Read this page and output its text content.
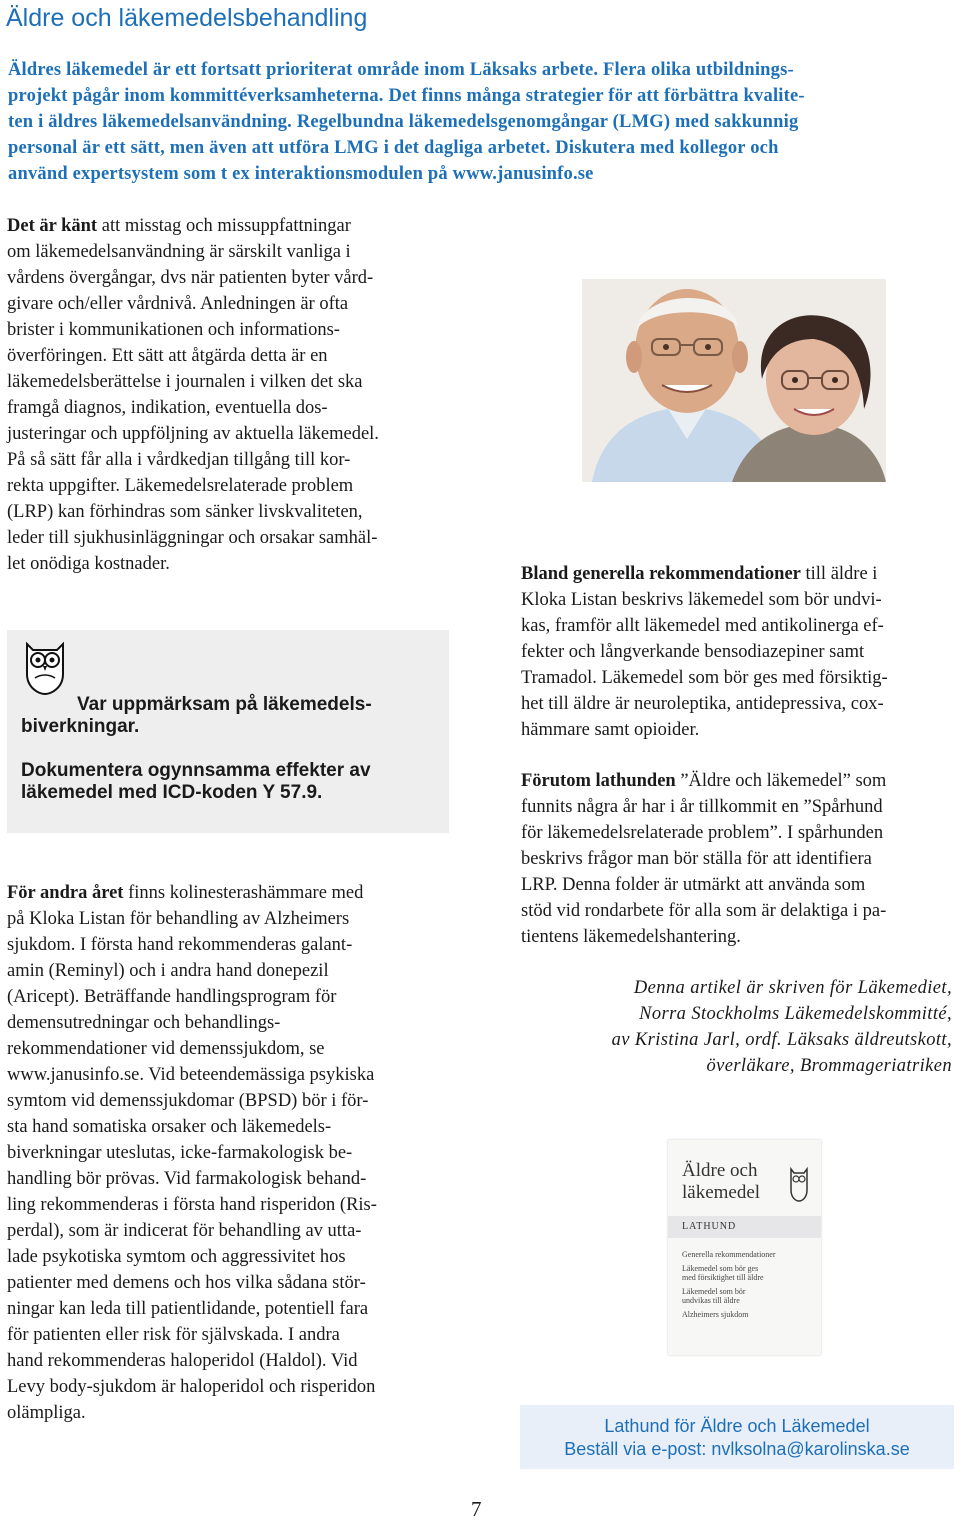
Äldre och läkemedelsbehandling

Äldres läkemedel är ett fortsatt prioriterat område inom Läksaks arbete. Flera olika utbildnings-

projekt pågår inom kommittéverksamheterna. Det finns många strategier för att förbättra kvalite-

ten i äldres läkemedelsanvändning. Regelbundna läkemedelsgenomgångar (LMG) med sakkunnig

personal är ett sätt, men även att utföra LMG i det dagliga arbetet. Diskutera med kollegor och

använd expertsystem som t ex interaktionsmodulen på www.janusinfo.se

Det är känt att misstag och missuppfattningar

om läkemedelsanvändning är särskilt vanliga i

vårdens övergångar, dvs när patienten byter vård-

givare och/eller vårdnivå. Anledningen är ofta

brister i kommunikationen och informations-

överföringen. Ett sätt att åtgärda detta är en

läkemedelsberättelse i journalen i vilken det ska

framgå diagnos, indikation, eventuella dos-

justeringar och uppföljning av aktuella läkemedel.

På så sätt får alla i vårdkedjan tillgång till kor-

rekta uppgifter. Läkemedelsrelaterade problem

(LRP) kan förhindras som sänker livskvaliteten,

leder till sjukhusinläggningar och orsakar samhäl-

let onödiga kostnader.

Var uppmärksam på läkemedels-
biverkningar.
Dokumentera ogynnsamma effekter av
läkemedel med ICD-koden Y 57.9.

För andra året finns kolinesterashämmare med

på Kloka Listan för behandling av Alzheimers

sjukdom. I första hand rekommenderas galant-

amin (Reminyl) och i andra hand donepezil

(Aricept). Beträffande handlingsprogram för

demensutredningar och behandlings-

rekommendationer vid demenssjukdom, se

www.janusinfo.se. Vid beteendemässiga psykiska

symtom vid demenssjukdomar (BPSD) bör i för-

sta hand somatiska orsaker och läkemedels-

biverkningar uteslutas, icke-farmakologisk be-

handling bör prövas. Vid farmakologisk behand-

ling rekommenderas i första hand risperidon (Ris-

perdal), som är indicerat för behandling av utta-

lade psykotiska symtom och aggressivitet hos

patienter med demens och hos vilka sådana stör-

ningar kan leda till patientlidande, potentiell fara

för patienten eller risk för självskada. I andra

hand rekommenderas haloperidol (Haldol). Vid

Levy body-sjukdom är haloperidol och risperidon

olämpliga.

Bland generella rekommendationer till äldre i

Kloka Listan beskrivs läkemedel som bör undvi-

kas, framför allt läkemedel med antikolinerga ef-

fekter och långverkande bensodiazepiner samt

Tramadol. Läkemedel som bör ges med försiktig-

het till äldre är neuroleptika, antidepressiva, cox-

hämmare samt opioider.

Förutom lathunden ”Äldre och läkemedel” som

funnits några år har i år tillkommit en ”Spårhund

för läkemedelsrelaterade problem”. I spårhunden

beskrivs frågor man bör ställa för att identifiera

LRP. Denna folder är utmärkt att använda som

stöd vid rondarbete för alla som är delaktiga i pa-

tientens läkemedelshantering.

Denna artikel är skriven för Läkemediet,
Norra Stockholms Läkemedelskommitté,
av Kristina Jarl, ordf. Läksaks äldreutskott,
överläkare, Brommageriatriken
Äldre och
läkemedel
LATHUND
Generella rekommendationer
Läkemedel som bör ges
med försiktighet till äldre
Läkemedel som bör
undvikas till äldre
Alzheimers sjukdom
Lathund för Äldre och Läkemedel
Beställ via e-post: nvlksolna@karolinska.se
7
